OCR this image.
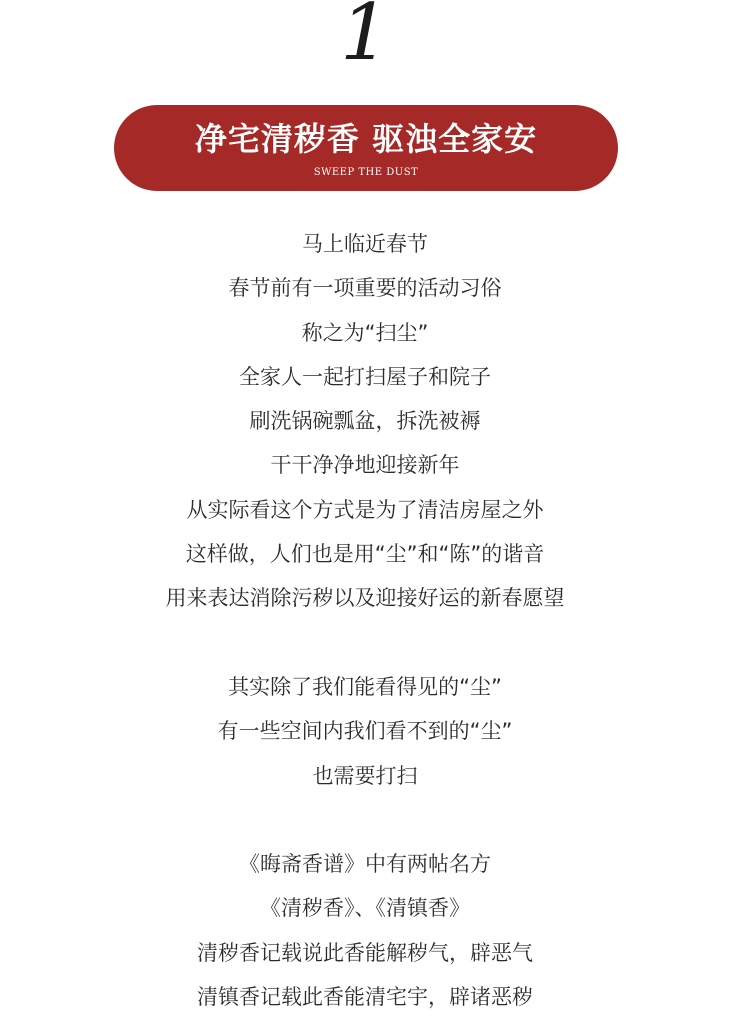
1
净宅清秽香 驱浊全家安
SWEEP THE DUST
马上临近春节
春节前有一项重要的活动习俗
称之为“扫尘”
全家人一起打扫屋子和院子
刷洗锅碗瓢盆，拆洗被褥
干干净净地迎接新年
从实际看这个方式是为了清洁房屋之外
这样做，人们也是用“尘”和“陈”的谐音
用来表达消除污秽以及迎接好运的新春愿望
其实除了我们能看得见的“尘”
有一些空间内我们看不到的“尘”
也需要打扫
《晦斋香谱》中有两帖名方
《清秽香》、《清镇香》
清秽香记载说此香能解秽气，辟恶气
清镇香记载此香能清宅宇，辟诸恶秽
